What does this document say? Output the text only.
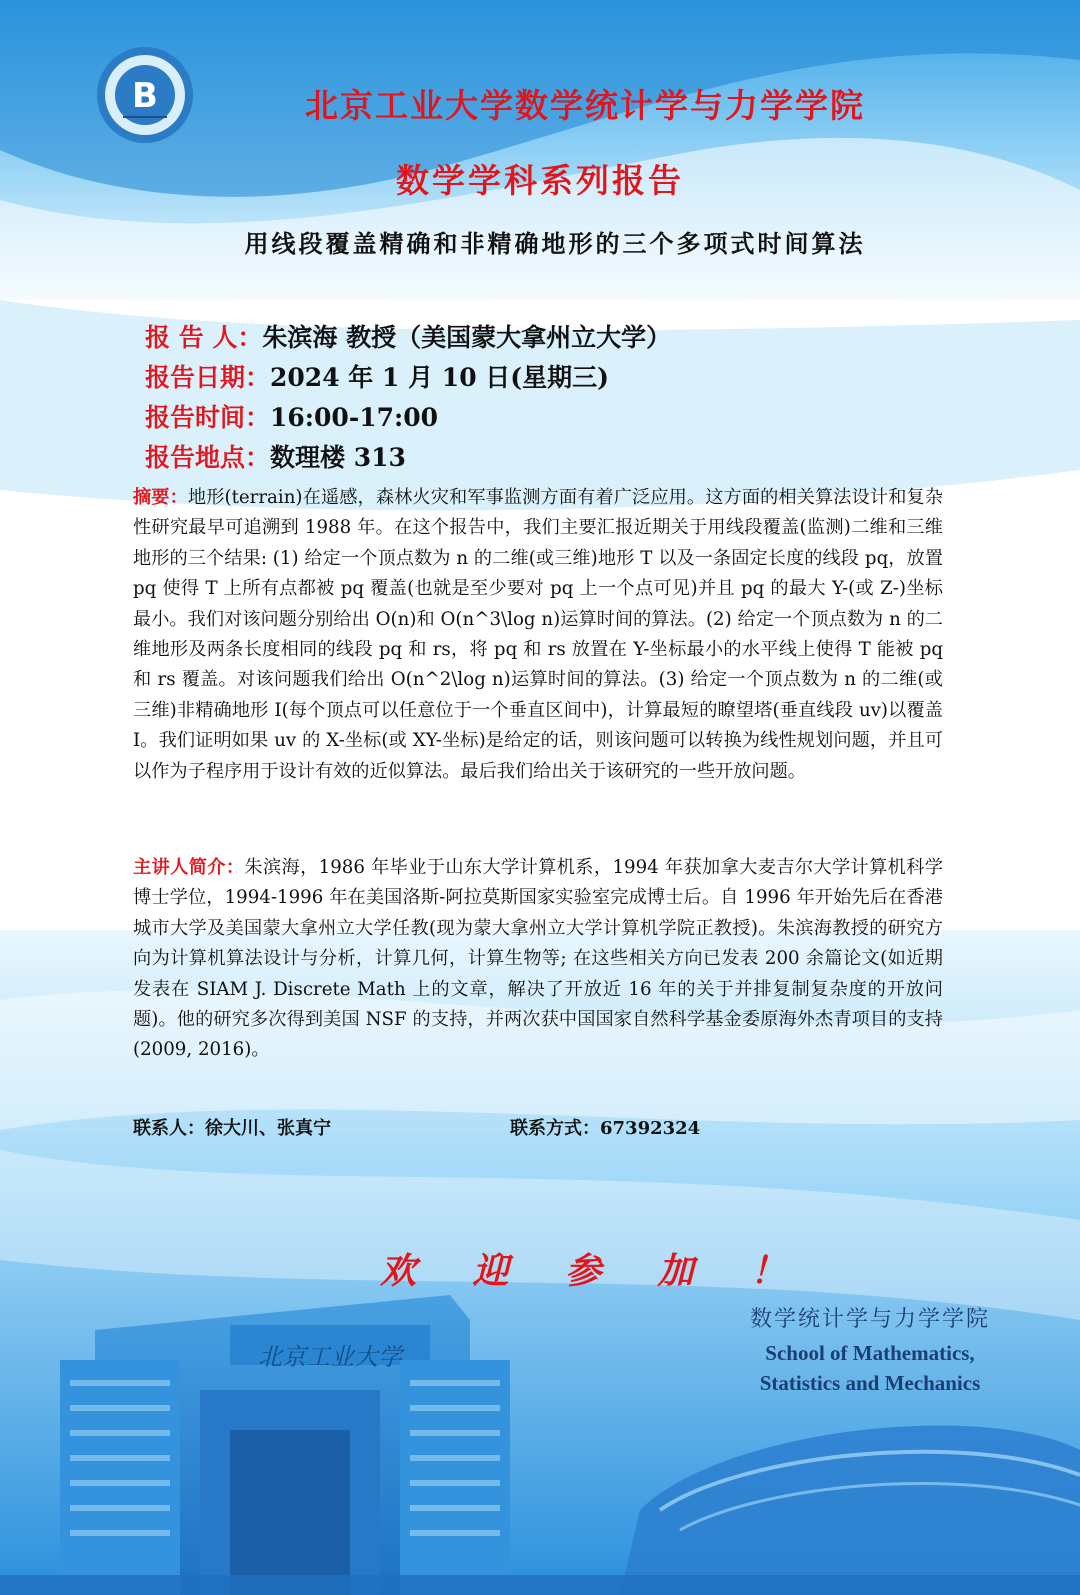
B	北京工业大学数学统计学与力学学院
数学学科系列报告
用线段覆盖精确和非精确地形的三个多项式时间算法
报 告 人：朱滨海 教授（美国蒙大拿州立大学）
报告日期：2024 年 1 月 10 日(星期三)
报告时间：16:00-17:00
报告地点：数理楼 313
摘要：地形(terrain)在遥感，森林火灾和军事监测方面有着广泛应用。这方面的相关算法设计和复杂性研究最早可追溯到 1988 年。在这个报告中，我们主要汇报近期关于用线段覆盖(监测)二维和三维地形的三个结果: (1) 给定一个顶点数为 n 的二维(或三维)地形 T 以及一条固定长度的线段 pq，放置 pq 使得 T 上所有点都被 pq 覆盖(也就是至少要对 pq 上一个点可见)并且 pq 的最大 Y-(或 Z-)坐标最小。我们对该问题分别给出 O(n)和 O(n^3\log n)运算时间的算法。(2) 给定一个顶点数为 n 的二维地形及两条长度相同的线段 pq 和 rs，将 pq 和 rs 放置在 Y-坐标最小的水平线上使得 T 能被 pq 和 rs 覆盖。对该问题我们给出 O(n^2\log n)运算时间的算法。(3) 给定一个顶点数为 n 的二维(或三维)非精确地形 I(每个顶点可以任意位于一个垂直区间中)，计算最短的瞭望塔(垂直线段 uv)以覆盖 I。我们证明如果 uv 的 X-坐标(或 XY-坐标)是给定的话，则该问题可以转换为线性规划问题，并且可以作为子程序用于设计有效的近似算法。最后我们给出关于该研究的一些开放问题。
主讲人简介：朱滨海，1986 年毕业于山东大学计算机系，1994 年获加拿大麦吉尔大学计算机科学博士学位，1994-1996 年在美国洛斯-阿拉莫斯国家实验室完成博士后。自 1996 年开始先后在香港城市大学及美国蒙大拿州立大学任教(现为蒙大拿州立大学计算机学院正教授)。朱滨海教授的研究方向为计算机算法设计与分析，计算几何，计算生物等; 在这些相关方向已发表 200 余篇论文(如近期发表在 SIAM J. Discrete Math 上的文章，解决了开放近 16 年的关于并排复制复杂度的开放问题)。他的研究多次得到美国 NSF 的支持，并两次获中国国家自然科学基金委原海外杰青项目的支持(2009, 2016)。
联系人：徐大川、张真宁	联系方式：67392324
欢 迎 参 加 ！
北京工业大学
数学统计学与力学学院
School of Mathematics,
Statistics and Mechanics
